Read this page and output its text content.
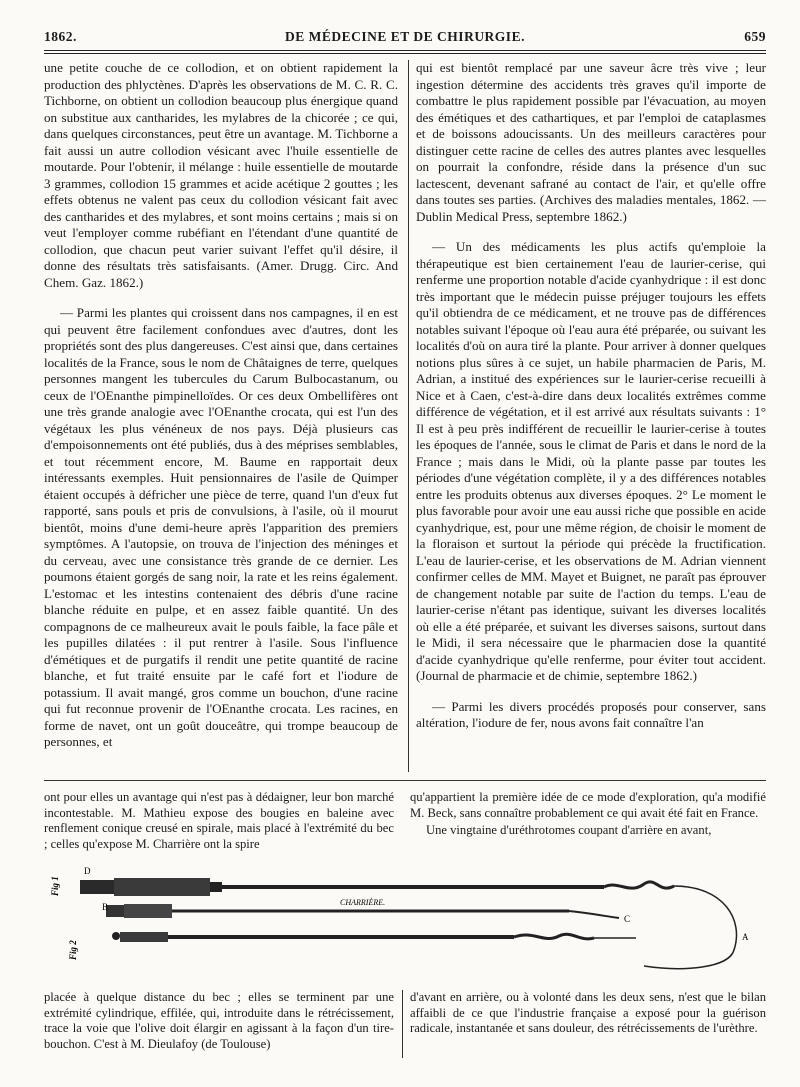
1862.	DE MÉDECINE ET DE CHIRURGIE.	659

une petite couche de ce collodion, et on obtient rapidement la production des phlyctènes. D'après les observations de M. C. R. C. Tichborne, on obtient un collodion beaucoup plus énergique quand on substitue aux cantharides, les mylabres de la chicorée ; ce qui, dans quelques circonstances, peut être un avantage. M. Tichborne a fait aussi un autre collodion vésicant avec l'huile essentielle de moutarde. Pour l'obtenir, il mélange : huile essentielle de moutarde 3 grammes, collodion 15 grammes et acide acétique 2 gouttes ; les effets obtenus ne valent pas ceux du collodion vésicant fait avec des cantharides et des mylabres, et sont moins certains ; mais si on veut l'employer comme rubéfiant en l'étendant d'une quantité de collodion, que chacun peut varier suivant l'effet qu'il désire, il donne des résultats très satisfaisants. (Amer. Drugg. Circ. And Chem. Gaz. 1862.)

— Parmi les plantes qui croissent dans nos campagnes, il en est qui peuvent être facilement confondues avec d'autres, dont les propriétés sont des plus dangereuses. C'est ainsi que, dans certaines localités de la France, sous le nom de Châtaignes de terre, quelques personnes mangent les tubercules du Carum Bulbocastanum, ou ceux de l'OEnanthe pimpinelloïdes. Or ces deux Ombellifères ont une très grande analogie avec l'OEnanthe crocata, qui est l'un des végétaux les plus vénéneux de nos pays. Déjà plusieurs cas d'empoisonnements ont été publiés, dus à des méprises semblables, et tout récemment encore, M. Baume en rapportait deux intéressants exemples. Huit pensionnaires de l'asile de Quimper étaient occupés à défricher une pièce de terre, quand l'un d'eux fut rapporté, sans pouls et pris de convulsions, à l'asile, où il mourut bientôt, moins d'une demi-heure après l'apparition des premiers symptômes. A l'autopsie, on trouva de l'injection des méninges et du cerveau, avec une consistance très grande de ce dernier. Les poumons étaient gorgés de sang noir, la rate et les reins également. L'estomac et les intestins contenaient des débris d'une racine blanche réduite en pulpe, et en assez faible quantité. Un des compagnons de ce malheureux avait le pouls faible, la face pâle et les pupilles dilatées : il put rentrer à l'asile. Sous l'influence d'émétiques et de purgatifs il rendit une petite quantité de racine blanche, et fut traité ensuite par le café fort et l'iodure de potassium. Il avait mangé, gros comme un bouchon, d'une racine qui fut reconnue provenir de l'OEnanthe crocata. Les racines, en forme de navet, ont un goût douceâtre, qui trompe beaucoup de personnes, et

qui est bientôt remplacé par une saveur âcre très vive ; leur ingestion détermine des accidents très graves qu'il importe de combattre le plus rapidement possible par l'évacuation, au moyen des émétiques et des cathartiques, et par l'emploi de cataplasmes et de boissons adoucissants. Un des meilleurs caractères pour distinguer cette racine de celles des autres plantes avec lesquelles on pourrait la confondre, réside dans la présence d'un suc lactescent, devenant safrané au contact de l'air, et qu'elle offre dans toutes ses parties. (Archives des maladies mentales, 1862. — Dublin Medical Press, septembre 1862.)

— Un des médicaments les plus actifs qu'emploie la thérapeutique est bien certainement l'eau de laurier-cerise, qui renferme une proportion notable d'acide cyanhydrique : il est donc très important que le médecin puisse préjuger toujours les effets qu'il obtiendra de ce médicament, et ne trouve pas de différences notables suivant l'époque où l'eau aura été préparée, ou suivant les localités d'où on aura tiré la plante. Pour arriver à donner quelques notions plus sûres à ce sujet, un habile pharmacien de Paris, M. Adrian, a institué des expériences sur le laurier-cerise recueilli à Nice et à Caen, c'est-à-dire dans deux localités extrêmes comme différence de végétation, et il est arrivé aux résultats suivants : 1° Il est à peu près indifférent de recueillir le laurier-cerise à toutes les époques de l'année, sous le climat de Paris et dans le nord de la France ; mais dans le Midi, où la plante passe par toutes les périodes d'une végétation complète, il y a des différences notables entre les produits obtenus aux diverses époques. 2° Le moment le plus favorable pour avoir une eau aussi riche que possible en acide cyanhydrique, est, pour une même région, de choisir le moment de la floraison et surtout la période qui précède la fructification. L'eau de laurier-cerise, et les observations de M. Adrian viennent confirmer celles de MM. Mayet et Buignet, ne paraît pas éprouver de changement notable par suite de l'action du temps. L'eau de laurier-cerise n'étant pas identique, suivant les diverses localités où elle a été préparée, et suivant les diverses saisons, surtout dans le Midi, il sera nécessaire que le pharmacien dose la quantité d'acide cyanhydrique qu'elle renferme, pour éviter tout accident. (Journal de pharmacie et de chimie, septembre 1862.)

— Parmi les divers procédés proposés pour conserver, sans altération, l'iodure de fer, nous avons fait connaître l'an

ont pour elles un avantage qui n'est pas à dédaigner, leur bon marché incontestable. M. Mathieu expose des bougies en baleine avec renflement conique creusé en spirale, mais placé à l'extrémité du bec ; celles qu'expose M. Charrière ont la spire

qu'appartient la première idée de ce mode d'exploration, qu'a modifié M. Beck, sans connaître probablement ce qui avait été fait en France.

Une vingtaine d'uréthrotomes coupant d'arrière en avant,

CHARRIÈRE.
Fig 1
Fig 2
D
B
A
C

placée à quelque distance du bec ; elles se terminent par une extrémité cylindrique, effilée, qui, introduite dans le rétrécissement, trace la voie que l'olive doit élargir en agissant à la façon d'un tire-bouchon. C'est à M. Dieulafoy (de Toulouse)

d'avant en arrière, ou à volonté dans les deux sens, n'est que le bilan affaibli de ce que l'industrie française a exposé pour la guérison radicale, instantanée et sans douleur, des rétrécissements de l'urèthre.
